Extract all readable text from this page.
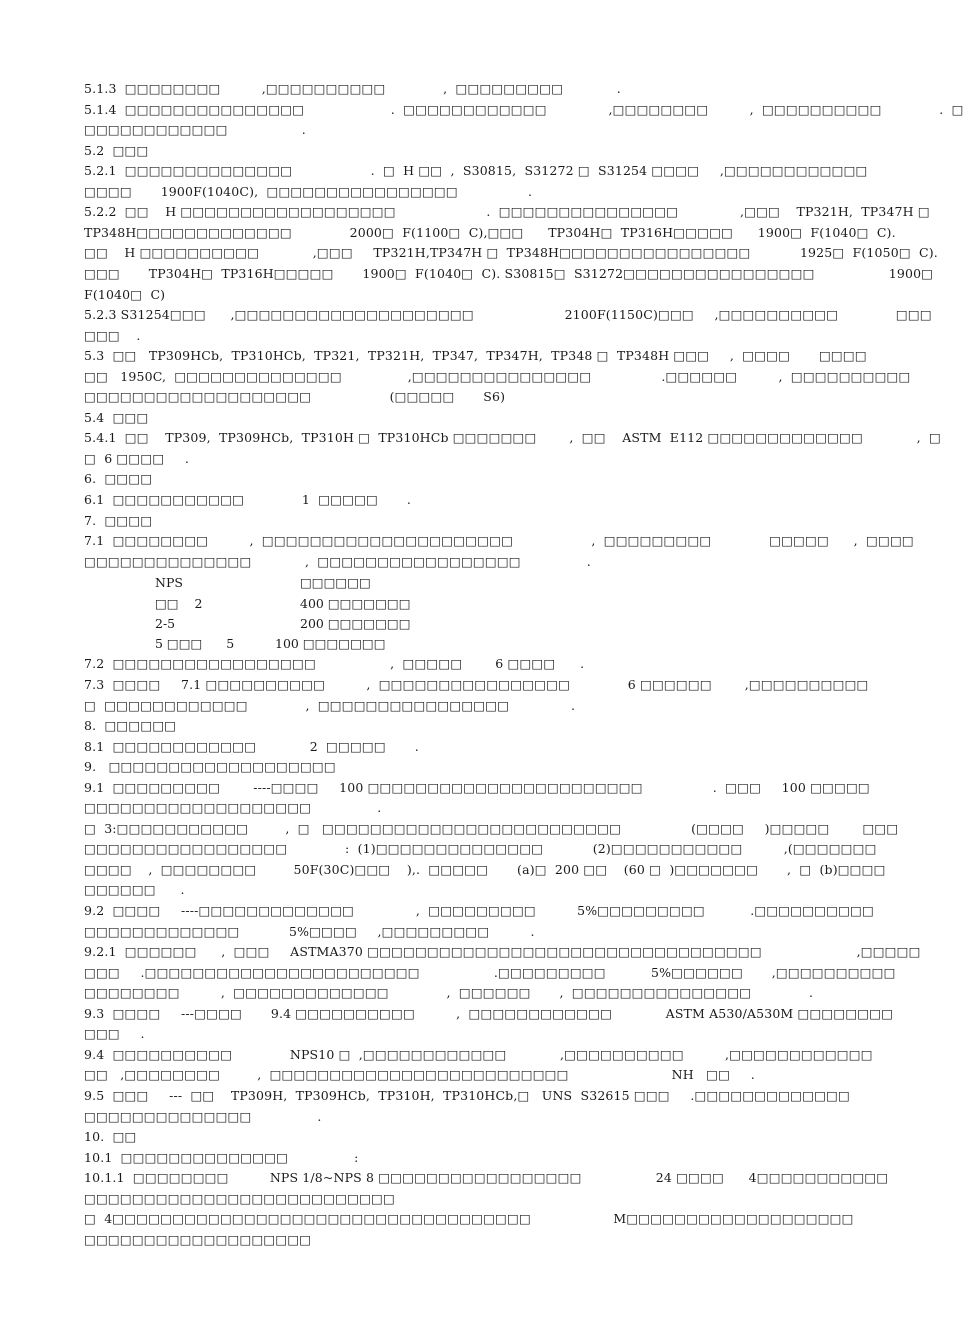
5.1.3  □□□□□□□□          ,□□□□□□□□□□              ,  □□□□□□□□□             .
5.1.4  □□□□□□□□□□□□□□□                     .  □□□□□□□□□□□□               ,□□□□□□□□          ,  □□□□□□□□□□              .  □
□□□□□□□□□□□□                  .
5.2  □□□
5.2.1  □□□□□□□□□□□□□□                   .  □  H □□  ,  S30815,  S31272 □  S31254 □□□□     ,□□□□□□□□□□□□
□□□□       1900F(1040C),  □□□□□□□□□□□□□□□□                 .
5.2.2  □□    H □□□□□□□□□□□□□□□□□□                      .  □□□□□□□□□□□□□□□               ,□□□    TP321H,  TP347H □
TP348H□□□□□□□□□□□□□              2000□  F(1100□  C),□□□      TP304H□  TP316H□□□□□      1900□  F(1040□  C).
□□    H □□□□□□□□□□             ,□□□     TP321H,TP347H □  TP348H□□□□□□□□□□□□□□□□            1925□  F(1050□  C).
□□□       TP304H□  TP316H□□□□□       1900□  F(1040□  C). S30815□  S31272□□□□□□□□□□□□□□□□                  1900□
F(1040□  C)
5.2.3 S31254□□□      ,□□□□□□□□□□□□□□□□□□□□                      2100F(1150C)□□□     ,□□□□□□□□□□              □□□
□□□    .
5.3  □□   TP309HCb,  TP310HCb,  TP321,  TP321H,  TP347,  TP347H,  TP348 □  TP348H □□□     ,  □□□□       □□□□
□□   1950C,  □□□□□□□□□□□□□□                ,□□□□□□□□□□□□□□□                 .□□□□□□          ,  □□□□□□□□□□
□□□□□□□□□□□□□□□□□□□                   (□□□□□       S6)
5.4  □□□
5.4.1  □□    TP309,  TP309HCb,  TP310H □  TP310HCb □□□□□□□        ,  □□    ASTM  E112 □□□□□□□□□□□□□             ,  □
□  6 □□□□     .
6.  □□□□
6.1  □□□□□□□□□□□              1  □□□□□       .
7.  □□□□
7.1  □□□□□□□□          ,  □□□□□□□□□□□□□□□□□□□□□                   ,  □□□□□□□□□              □□□□□      ,  □□□□
□□□□□□□□□□□□□□             ,  □□□□□□□□□□□□□□□□□                .
7.2  □□□□□□□□□□□□□□□□□                  ,  □□□□□        6 □□□□      .
7.3  □□□□     7.1 □□□□□□□□□□          ,  □□□□□□□□□□□□□□□□              6 □□□□□□        ,□□□□□□□□□□
□  □□□□□□□□□□□□              ,  □□□□□□□□□□□□□□□□               .
8.  □□□□□□
8.1  □□□□□□□□□□□□             2  □□□□□       .
9.   □□□□□□□□□□□□□□□□□□□
9.1  □□□□□□□□□        ----□□□□     100 □□□□□□□□□□□□□□□□□□□□□□□                 .  □□□     100 □□□□□
□□□□□□□□□□□□□□□□□□□                .
□  3:□□□□□□□□□□□         ,  □   □□□□□□□□□□□□□□□□□□□□□□□□□                 (□□□□     )□□□□□        □□□
□□□□□□□□□□□□□□□□□              :  (1)□□□□□□□□□□□□□□            (2)□□□□□□□□□□□          ,(□□□□□□□
□□□□    ,  □□□□□□□□         50F(30C)□□□    ),.  □□□□□       (a)□  200 □□    (60 □  )□□□□□□□       ,  □  (b)□□□□
□□□□□□      .
9.2  □□□□     ----□□□□□□□□□□□□□               ,  □□□□□□□□□          5%□□□□□□□□□           .□□□□□□□□□□
□□□□□□□□□□□□□            5%□□□□     ,□□□□□□□□□          .
9.2.1  □□□□□□      ,  □□□     ASTMA370 □□□□□□□□□□□□□□□□□□□□□□□□□□□□□□□□□                       ,□□□□□
□□□     .□□□□□□□□□□□□□□□□□□□□□□□                  .□□□□□□□□□           5%□□□□□□       ,□□□□□□□□□□
□□□□□□□□          ,  □□□□□□□□□□□□□              ,  □□□□□□       ,  □□□□□□□□□□□□□□□              .
9.3  □□□□     ---□□□□       9.4 □□□□□□□□□□          ,  □□□□□□□□□□□□             ASTM A530/A530M □□□□□□□□
□□□     .
9.4  □□□□□□□□□□              NPS10 □  ,□□□□□□□□□□□□             ,□□□□□□□□□□          ,□□□□□□□□□□□□
□□   ,□□□□□□□□         ,  □□□□□□□□□□□□□□□□□□□□□□□□□                         NH   □□     .
9.5  □□□     ---  □□    TP309H,  TP309HCb,  TP310H,  TP310HCb,□   UNS  S32615 □□□     .□□□□□□□□□□□□□
□□□□□□□□□□□□□□                .
10.  □□
10.1  □□□□□□□□□□□□□□                :
10.1.1  □□□□□□□□          NPS 1/8~NPS 8 □□□□□□□□□□□□□□□□□                  24 □□□□      4□□□□□□□□□□□
□□□□□□□□□□□□□□□□□□□□□□□□□□
□  4□□□□□□□□□□□□□□□□□□□□□□□□□□□□□□□□□□□                    M□□□□□□□□□□□□□□□□□□□
□□□□□□□□□□□□□□□□□□□
NPS	□□□□□□
□□    2	400 □□□□□□□
2-5	200 □□□□□□□
5 □□□      5	100 □□□□□□□
